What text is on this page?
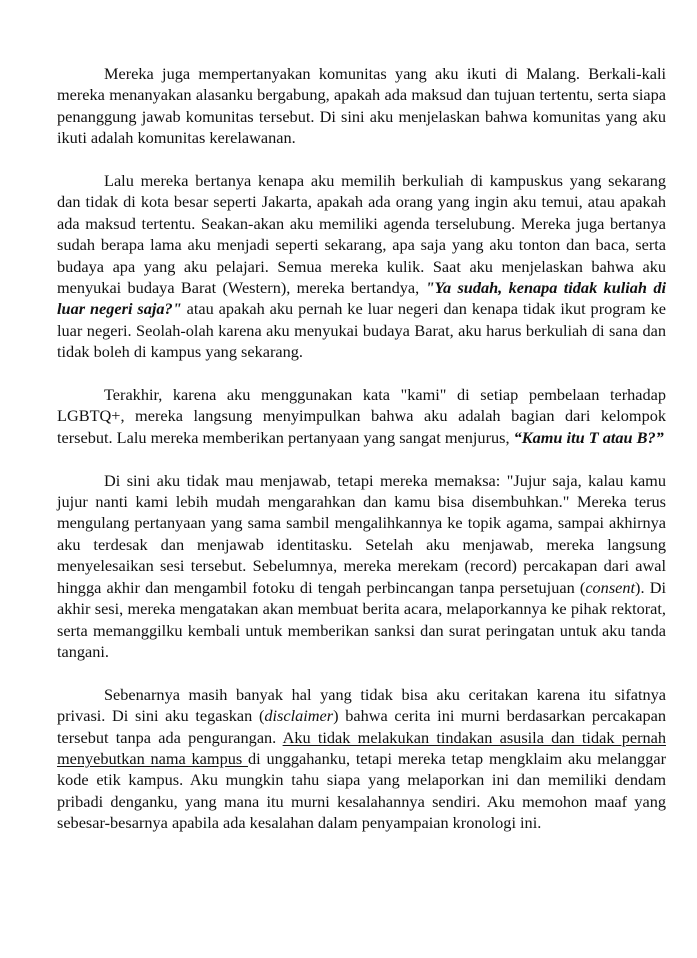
Mereka juga mempertanyakan komunitas yang aku ikuti di Malang. Berkali-kali mereka menanyakan alasanku bergabung, apakah ada maksud dan tujuan tertentu, serta siapa penanggung jawab komunitas tersebut. Di sini aku menjelaskan bahwa komunitas yang aku ikuti adalah komunitas kerelawanan.

Lalu mereka bertanya kenapa aku memilih berkuliah di kampuskus yang sekarang dan tidak di kota besar seperti Jakarta, apakah ada orang yang ingin aku temui, atau apakah ada maksud tertentu. Seakan-akan aku memiliki agenda terselubung. Mereka juga bertanya sudah berapa lama aku menjadi seperti sekarang, apa saja yang aku tonton dan baca, serta budaya apa yang aku pelajari. Semua mereka kulik. Saat aku menjelaskan bahwa aku menyukai budaya Barat (Western), mereka bertandya, "Ya sudah, kenapa tidak kuliah di luar negeri saja?" atau apakah aku pernah ke luar negeri dan kenapa tidak ikut program ke luar negeri. Seolah-olah karena aku menyukai budaya Barat, aku harus berkuliah di sana dan tidak boleh di kampus yang sekarang.

Terakhir, karena aku menggunakan kata "kami" di setiap pembelaan terhadap LGBTQ+, mereka langsung menyimpulkan bahwa aku adalah bagian dari kelompok tersebut. Lalu mereka memberikan pertanyaan yang sangat menjurus, “Kamu itu T atau B?”

Di sini aku tidak mau menjawab, tetapi mereka memaksa: "Jujur saja, kalau kamu jujur nanti kami lebih mudah mengarahkan dan kamu bisa disembuhkan." Mereka terus mengulang pertanyaan yang sama sambil mengalihkannya ke topik agama, sampai akhirnya aku terdesak dan menjawab identitasku. Setelah aku menjawab, mereka langsung menyelesaikan sesi tersebut. Sebelumnya, mereka merekam (record) percakapan dari awal hingga akhir dan mengambil fotoku di tengah perbincangan tanpa persetujuan (consent). Di akhir sesi, mereka mengatakan akan membuat berita acara, melaporkannya ke pihak rektorat, serta memanggilku kembali untuk memberikan sanksi dan surat peringatan untuk aku tanda tangani.

Sebenarnya masih banyak hal yang tidak bisa aku ceritakan karena itu sifatnya privasi. Di sini aku tegaskan (disclaimer) bahwa cerita ini murni berdasarkan percakapan tersebut tanpa ada pengurangan. Aku tidak melakukan tindakan asusila dan tidak pernah menyebutkan nama kampus di unggahanku, tetapi mereka tetap mengklaim aku melanggar kode etik kampus. Aku mungkin tahu siapa yang melaporkan ini dan memiliki dendam pribadi denganku, yang mana itu murni kesalahannya sendiri. Aku memohon maaf yang sebesar-besarnya apabila ada kesalahan dalam penyampaian kronologi ini.
